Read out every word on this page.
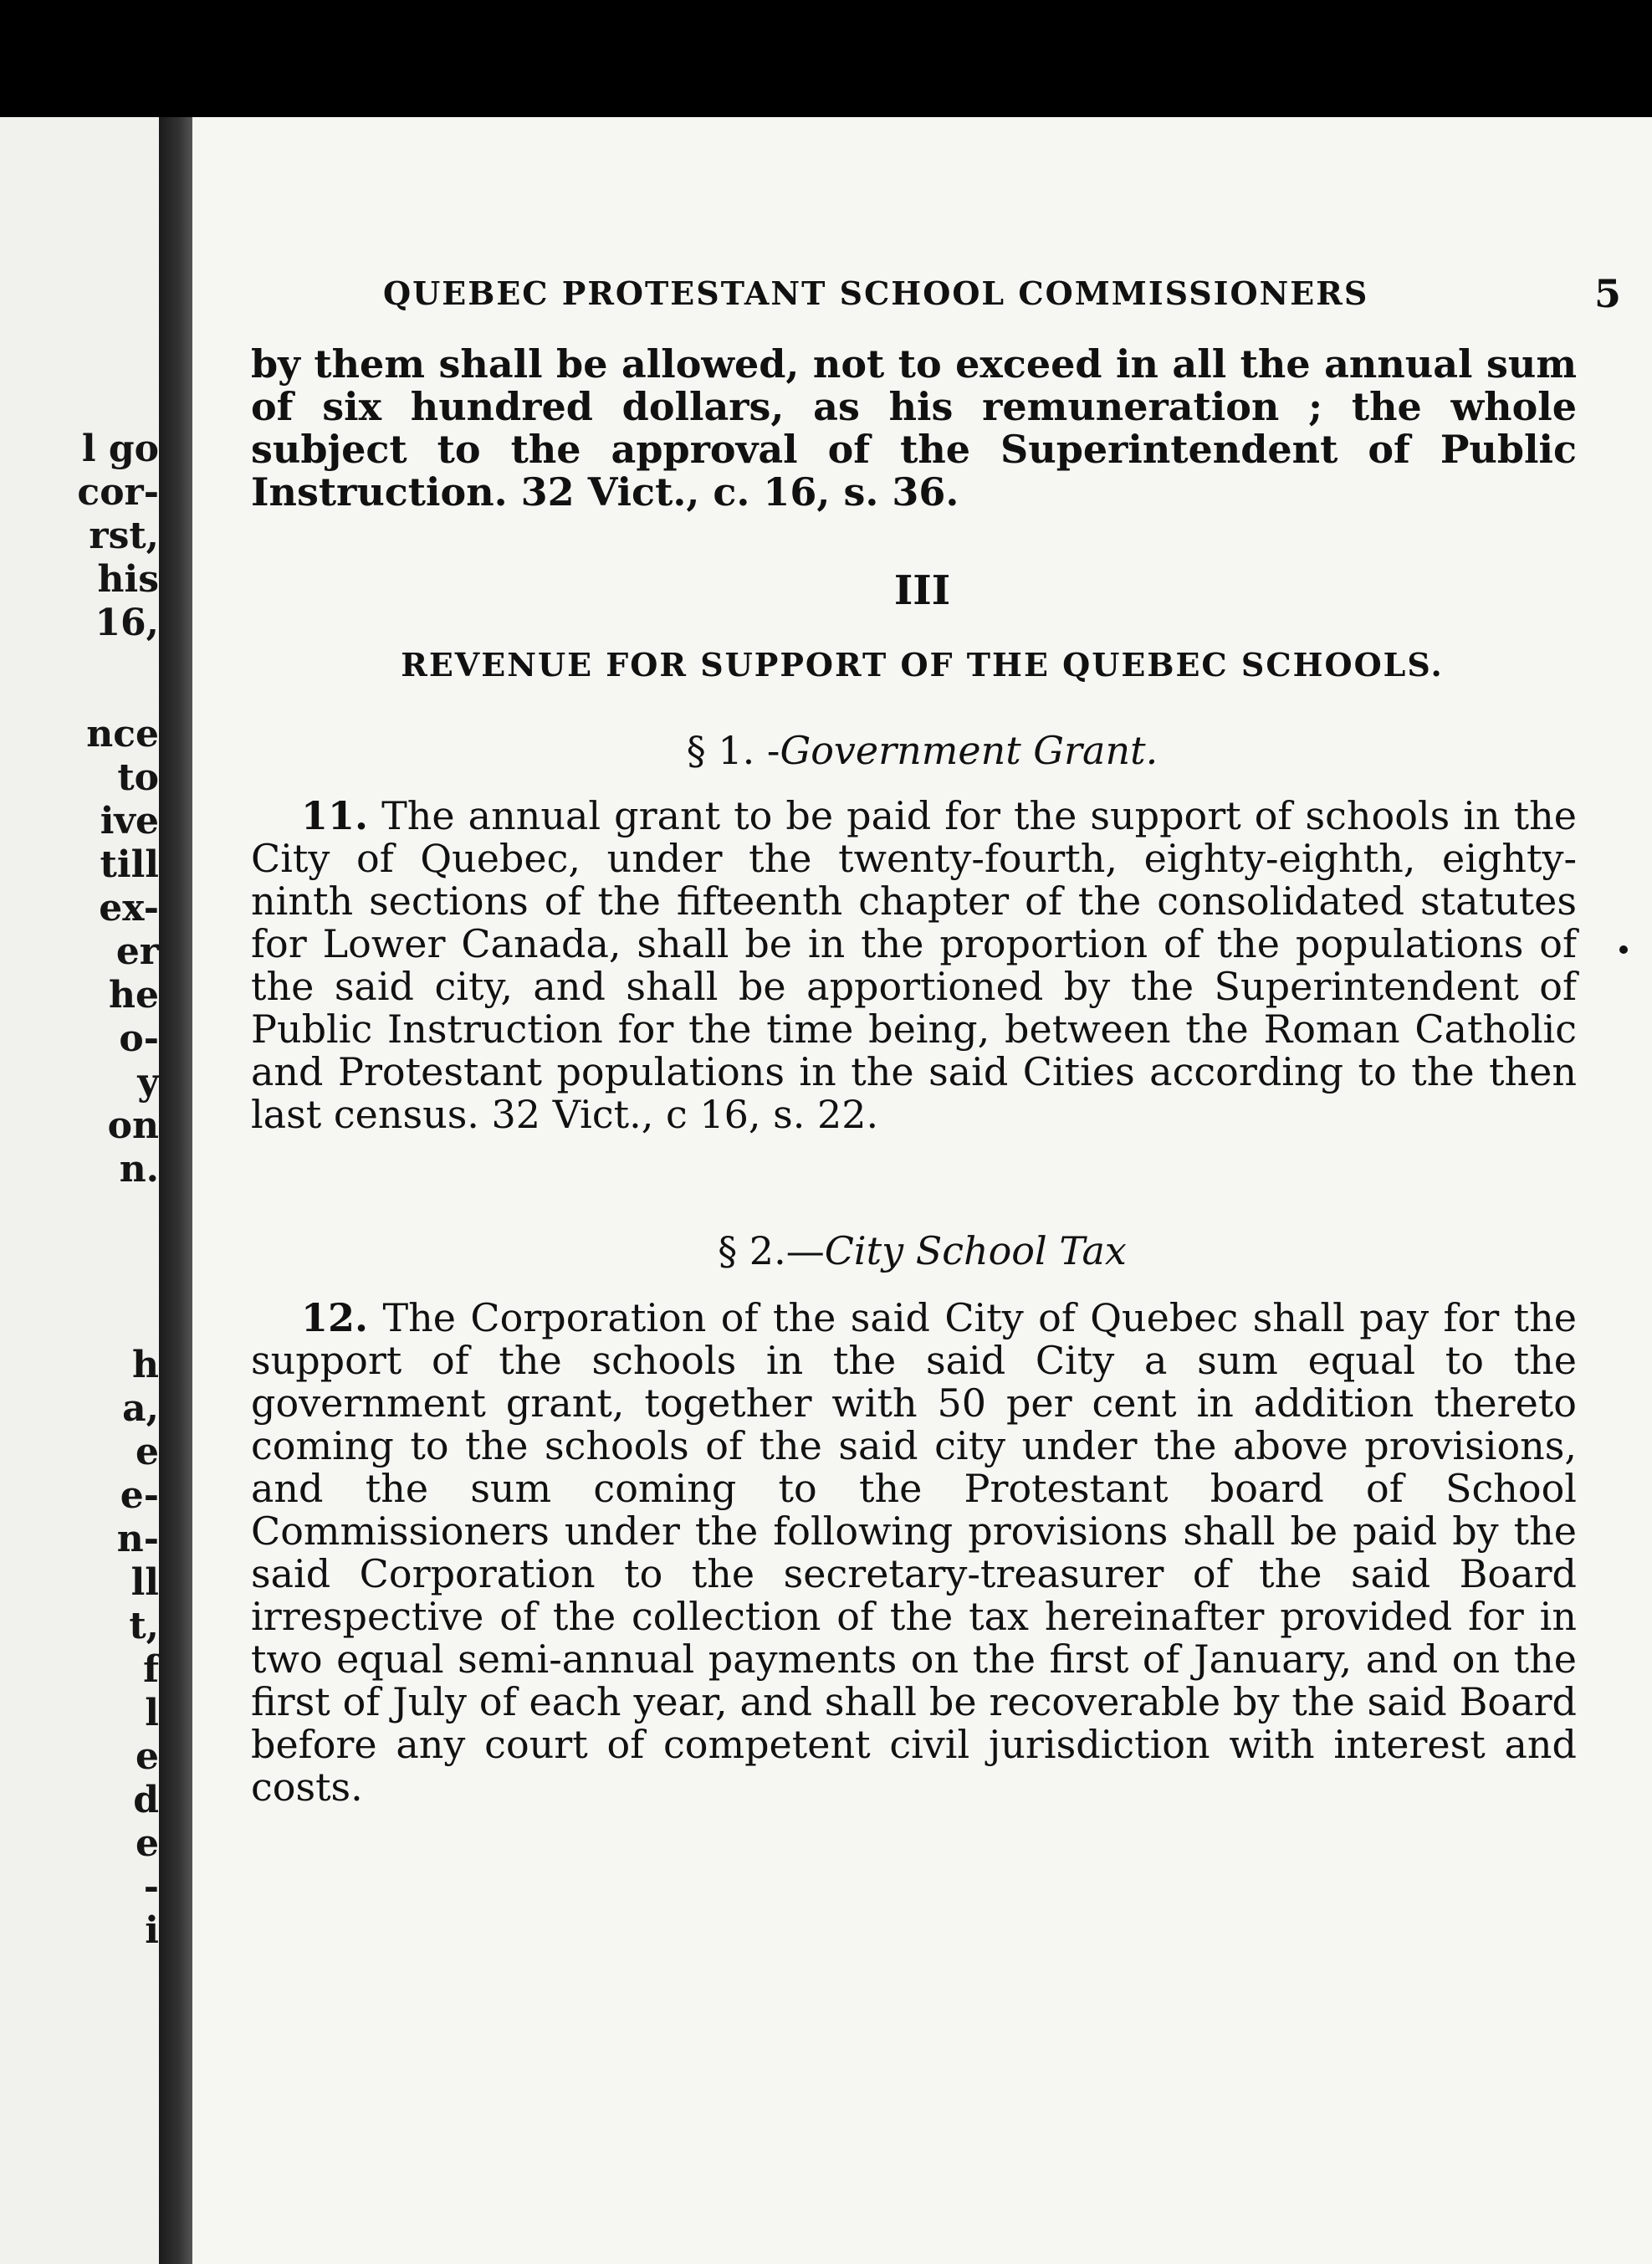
l go
cor-
rst,
his
16,
nce
to
ive
till
ex-
er
he
o-
y
on
n.
h
a,
e
e-
n-
ll
t,
f
l
e
d
e
-
i
QUEBEC PROTESTANT SCHOOL COMMISSIONERS	5
by them shall be allowed, not to exceed in all the annual sum of six hundred dollars, as his remuneration ; the whole subject to the approval of the Superintendent of Public Instruction. 32 Vict., c. 16, s. 36.
III
REVENUE FOR SUPPORT OF THE QUEBEC SCHOOLS.
§ 1. -Government Grant.
11. The annual grant to be paid for the support of schools in the City of Quebec, under the twenty-fourth, eighty-eighth, eighty-ninth sections of the fifteenth chapter of the consolidated statutes for Lower Canada, shall be in the proportion of the populations of the said city, and shall be apportioned by the Superintendent of Public Instruction for the time being, between the Roman Catholic and Protestant populations in the said Cities according to the then last census. 32 Vict., c 16, s. 22.
§ 2.—City School Tax
12. The Corporation of the said City of Quebec shall pay for the support of the schools in the said City a sum equal to the government grant, together with 50 per cent in addition thereto coming to the schools of the said city under the above provisions, and the sum coming to the Protestant board of School Commissioners under the following provisions shall be paid by the said Corporation to the secretary-treasurer of the said Board irrespective of the collection of the tax hereinafter provided for in two equal semi-annual payments on the first of January, and on the first of July of each year, and shall be recoverable by the said Board before any court of competent civil jurisdiction with interest and costs.
